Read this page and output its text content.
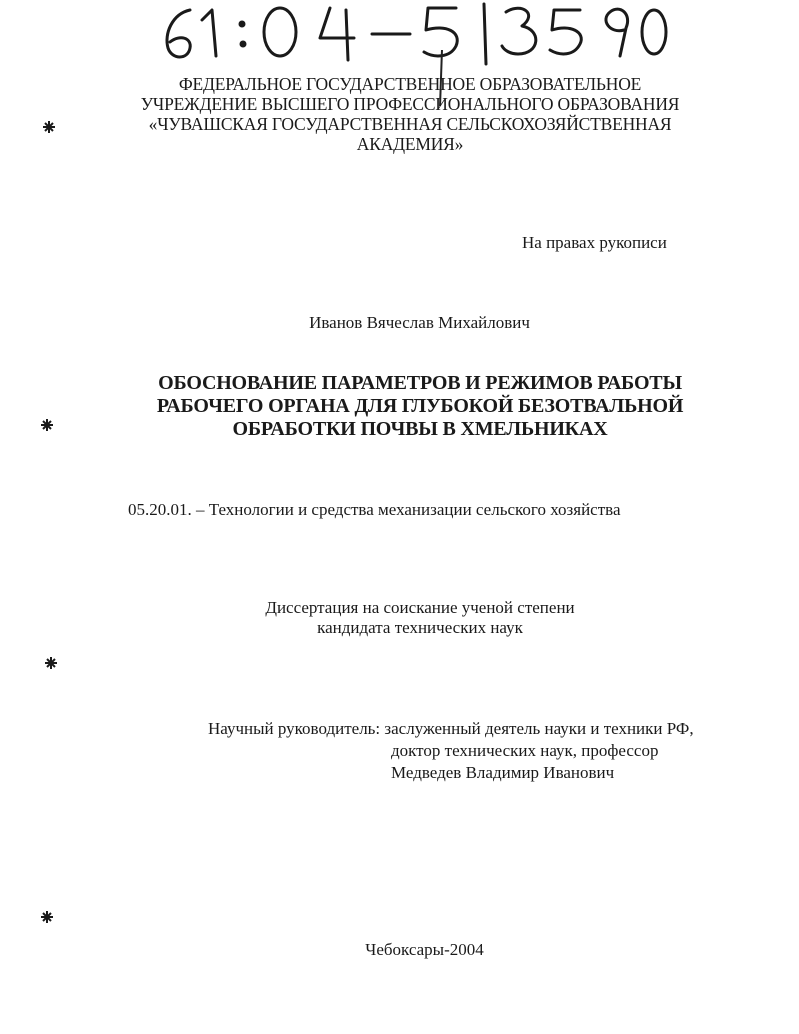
ФЕДЕРАЛЬНОЕ ГОСУДАРСТВЕННОЕ ОБРАЗОВАТЕЛЬНОЕ
УЧРЕЖДЕНИЕ ВЫСШЕГО ПРОФЕССИОНАЛЬНОГО ОБРАЗОВАНИЯ
«ЧУВАШСКАЯ ГОСУДАРСТВЕННАЯ СЕЛЬСКОХОЗЯЙСТВЕННАЯ
АКАДЕМИЯ»
На правах рукописи
Иванов Вячеслав Михайлович
ОБОСНОВАНИЕ ПАРАМЕТРОВ И РЕЖИМОВ РАБОТЫ
РАБОЧЕГО ОРГАНА ДЛЯ ГЛУБОКОЙ БЕЗОТВАЛЬНОЙ
ОБРАБОТКИ ПОЧВЫ В ХМЕЛЬНИКАХ
05.20.01. – Технологии и средства механизации сельского хозяйства
Диссертация на соискание ученой степени
кандидата технических наук
Научный руководитель: заслуженный деятель науки и техники РФ,
доктор технических наук, профессор
Медведев Владимир Иванович
Чебоксары-2004
